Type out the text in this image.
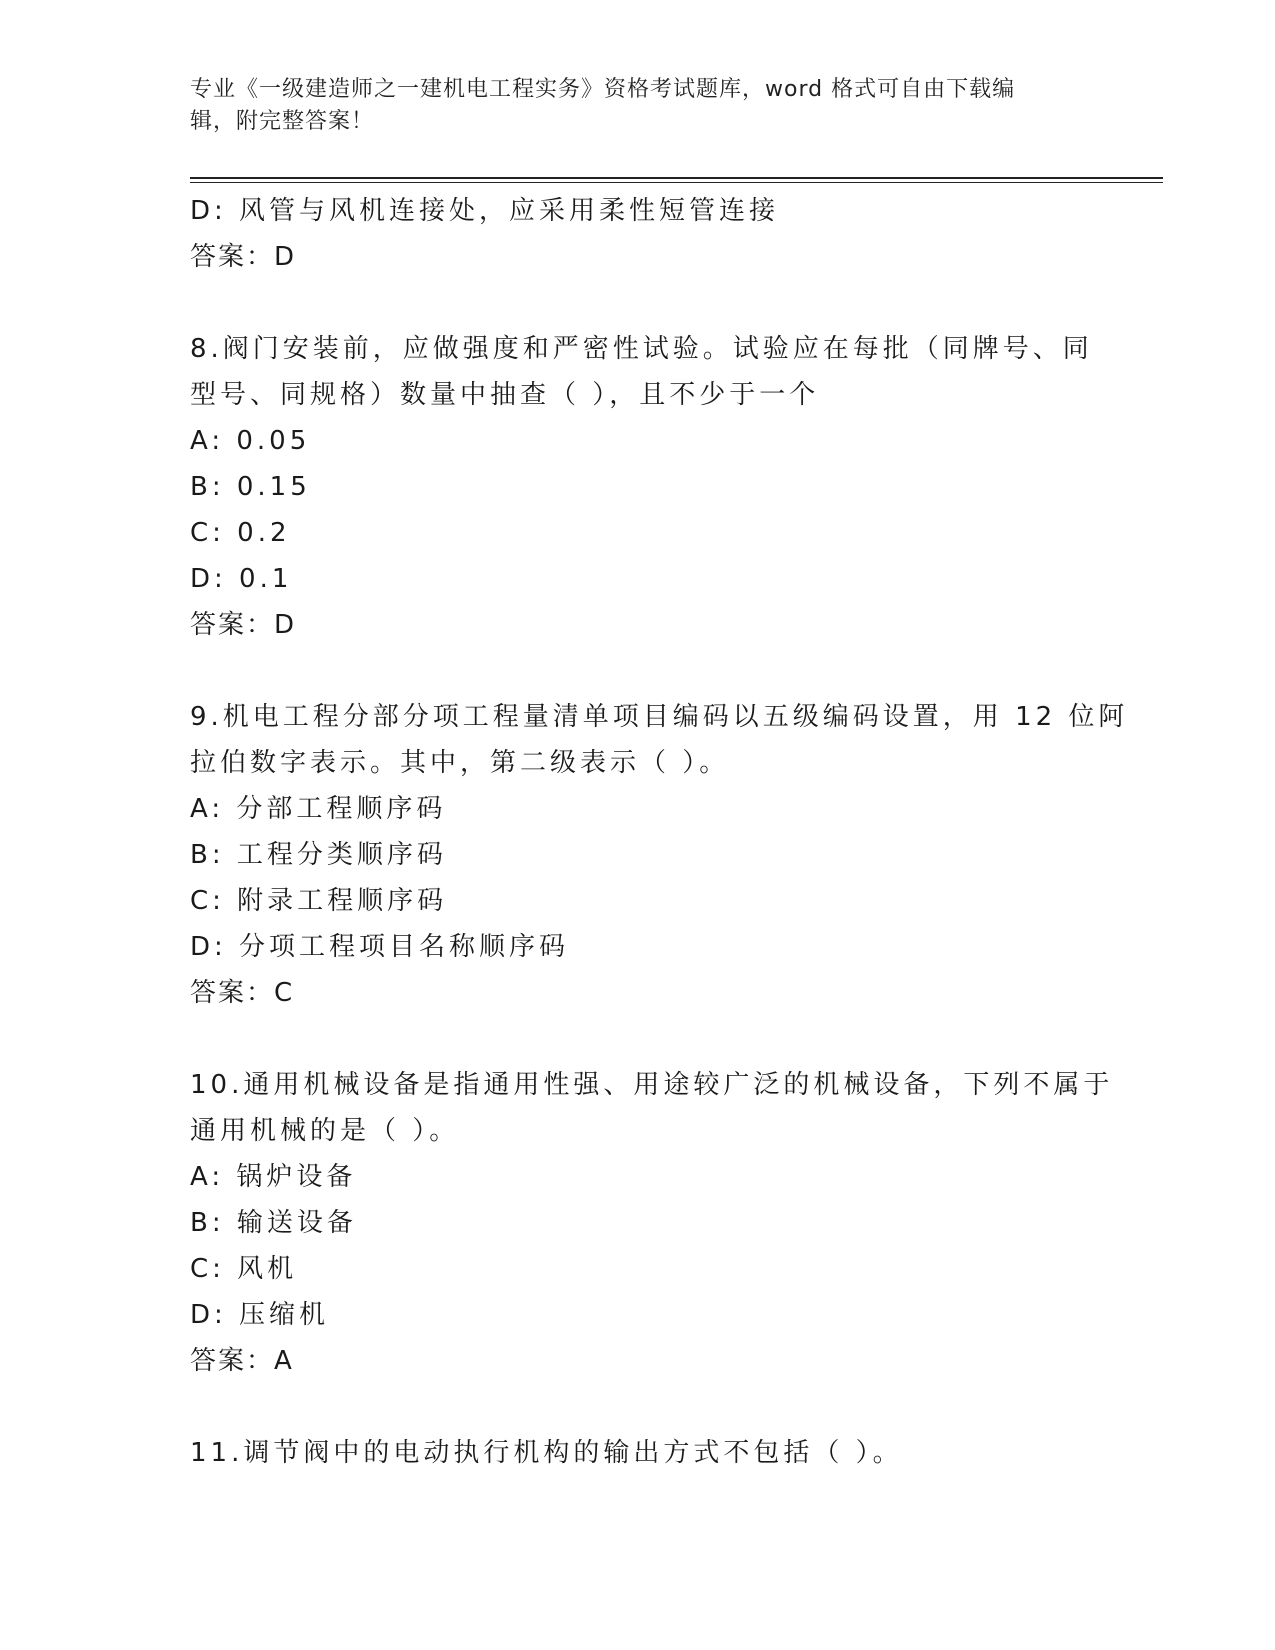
专业《一级建造师之一建机电工程实务》资格考试题库，word 格式可自由下载编
辑，附完整答案！
D: 风管与风机连接处，应采用柔性短管连接
答案：D
8.阀门安装前，应做强度和严密性试验。试验应在每批（同牌号、同
型号、同规格）数量中抽查（ ），且不少于一个
A: 0.05
B: 0.15
C: 0.2
D: 0.1
答案：D
9.机电工程分部分项工程量清单项目编码以五级编码设置，用 12 位阿
拉伯数字表示。其中，第二级表示（ ）。
A: 分部工程顺序码
B: 工程分类顺序码
C: 附录工程顺序码
D: 分项工程项目名称顺序码
答案：C
10.通用机械设备是指通用性强、用途较广泛的机械设备，下列不属于
通用机械的是（ ）。
A: 锅炉设备
B: 输送设备
C: 风机
D: 压缩机
答案：A
11.调节阀中的电动执行机构的输出方式不包括（ ）。
